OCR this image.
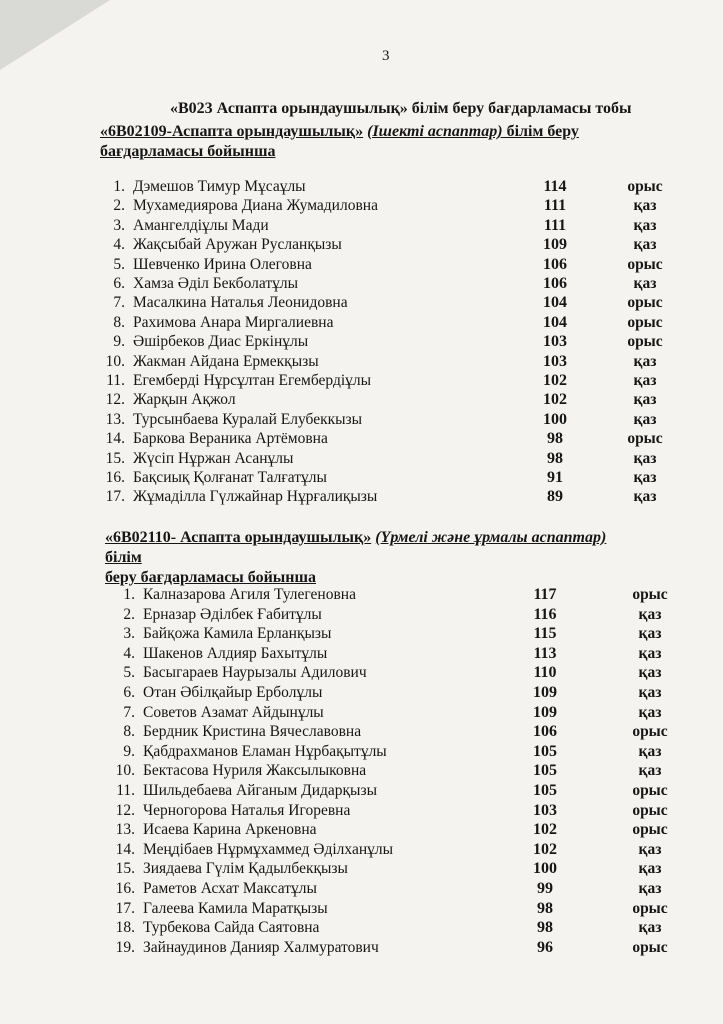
3
«В023 Аспапта орындаушылық» білім беру бағдарламасы тобы
«6В02109-Аспапта орындаушылық» (Ішекті аспаптар) білім беру
бағдарламасы бойынша
1. Дэмешов Тимур Мұсаұлы	114	орыс
2. Мухамедиярова Диана Жумадиловна	111	қаз
3. Амангелдіұлы Мади	111	қаз
4. Жақсыбай Аружан Русланқызы	109	қаз
5. Шевченко Ирина Олеговна	106	орыс
6. Хамза Әділ Бекболатұлы	106	қаз
7. Масалкина Наталья Леонидовна	104	орыс
8. Рахимова Анара Миргалиевна	104	орыс
9. Әшірбеков Диас Еркінұлы	103	орыс
10. Жакман Айдана Ермекқызы	103	қаз
11. Егемберді Нұрсұлтан Егембердіұлы	102	қаз
12. Жарқын Ақжол	102	қаз
13. Турсынбаева Куралай Елубеккызы	100	қаз
14. Баркова Вераника Артёмовна	98	орыс
15. Жүсіп Нұржан Асанұлы	98	қаз
16. Бақсиық Қолғанат Талғатұлы	91	қаз
17. Жұмаділла Гүлжайнар Нұрғалиқызы	89	қаз
«6В02110- Аспапта орындаушылық» (Үрмелі және ұрмалы аспаптар) білім
беру бағдарламасы бойынша
1. Калназарова Агиля Тулегеновна	117	орыс
2. Ерназар Әділбек Ғабитұлы	116	қаз
3. Байқожа Камила Ерланқызы	115	қаз
4. Шакенов Алдияр Бахытұлы	113	қаз
5. Басыгараев Наурызалы Адилович	110	қаз
6. Отан Әбілқайыр Ерболұлы	109	қаз
7. Советов Азамат Айдынұлы	109	қаз
8. Бердник Кристина Вячеславовна	106	орыс
9. Қабдрахманов Еламан Нұрбақытұлы	105	қаз
10. Бектасова Нуриля Жаксылыковна	105	қаз
11. Шильдебаева Айганым Дидарқызы	105	орыс
12. Черногорова Наталья Игоревна	103	орыс
13. Исаева Карина Аркеновна	102	орыс
14. Меңдібаев Нұрмұхаммед Әділханұлы	102	қаз
15. Зиядаева Гүлім Қадылбекқызы	100	қаз
16. Раметов Асхат Максатұлы	99	қаз
17. Галеева Камила Маратқызы	98	орыс
18. Турбекова Сайда Саятовна	98	қаз
19. Зайнаудинов Данияр Халмуратович	96	орыс
